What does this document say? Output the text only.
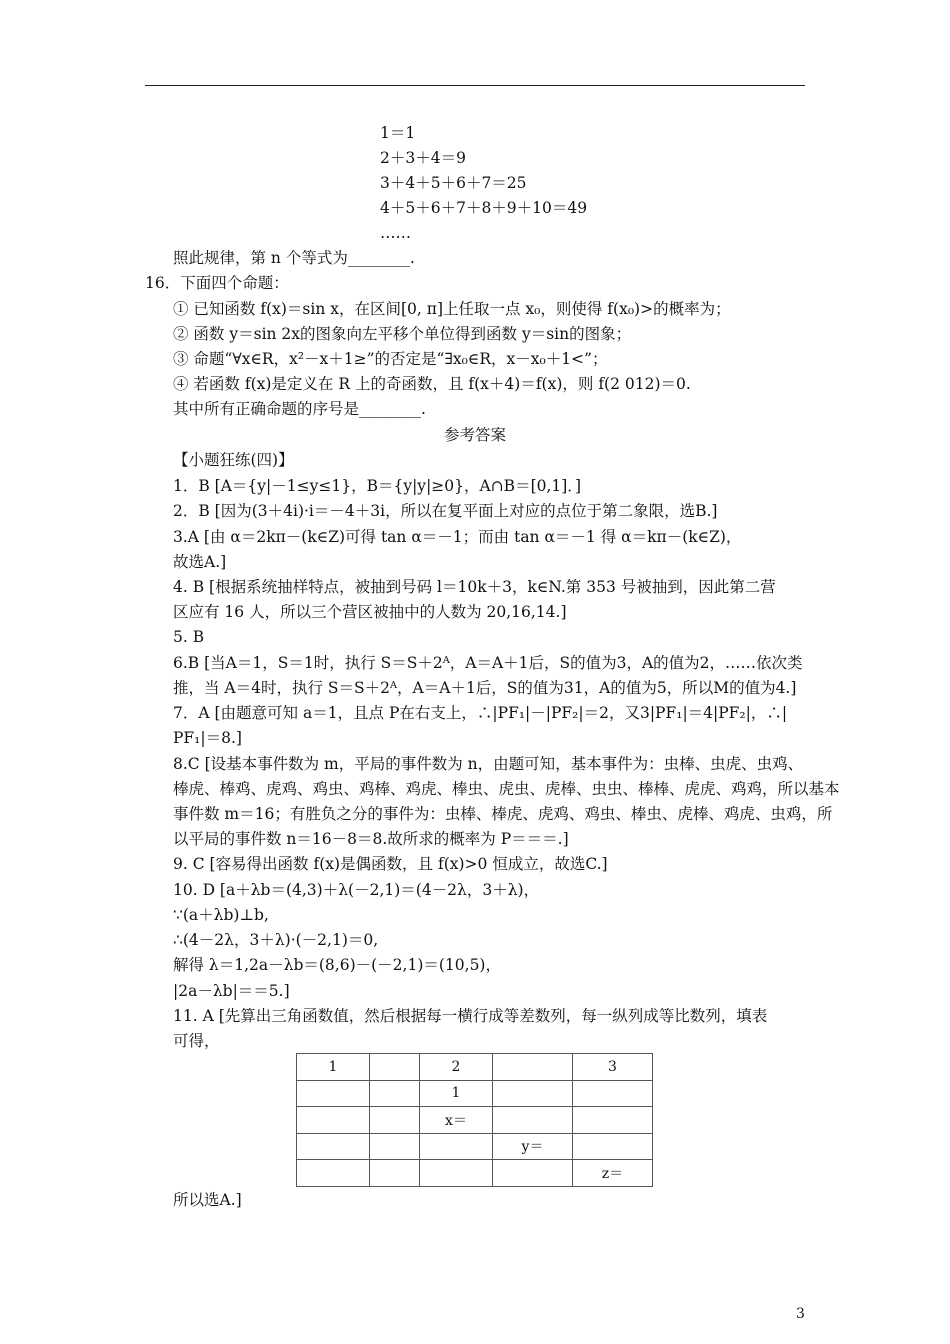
1＝1
2＋3＋4＝9
3＋4＋5＋6＋7＝25
4＋5＋6＋7＋8＋9＋10＝49
……
照此规律，第 n 个等式为________.
16．下面四个命题：
① 已知函数 f(x)＝sin x，在区间[0, π]上任取一点 x₀，则使得 f(x₀)>的概率为；
② 函数 y＝sin 2x的图象向左平移个单位得到函数 y＝sin的图象；
③ 命题“∀x∈R，x²－x＋1≥”的否定是“∃x₀∈R，x－x₀＋1<”；
④ 若函数 f(x)是定义在 R 上的奇函数，且 f(x＋4)＝f(x)，则 f(2 012)＝0.
其中所有正确命题的序号是________.
参考答案
【小题狂练(四)】
1．B [A＝{y|－1≤y≤1}，B＝{y|y|≥0}，A∩B＝[0,1]．]
2．B [因为(3＋4i)·i＝－4＋3i，所以在复平面上对应的点位于第二象限，选B.]
3.A [由 α＝2kπ－(k∈Z)可得 tan α＝－1；而由 tan α＝－1 得 α＝kπ－(k∈Z)，
故选A.]
4. B [根据系统抽样特点，被抽到号码 l＝10k＋3，k∈N.第 353 号被抽到，因此第二营
区应有 16 人，所以三个营区被抽中的人数为 20,16,14.]
5. B
6.B [当A＝1，S＝1时，执行 S＝S＋2ᴬ，A＝A＋1后，S的值为3，A的值为2，……依次类
推，当 A＝4时，执行 S＝S＋2ᴬ，A＝A＋1后，S的值为31，A的值为5，所以M的值为4.]
7．A [由题意可知 a＝1，且点 P在右支上，∴|PF₁|－|PF₂|＝2，又3|PF₁|＝4|PF₂|，∴|
PF₁|＝8.]
8.C [设基本事件数为 m，平局的事件数为 n，由题可知，基本事件为：虫棒、虫虎、虫鸡、
棒虎、棒鸡、虎鸡、鸡虫、鸡棒、鸡虎、棒虫、虎虫、虎棒、虫虫、棒棒、虎虎、鸡鸡，所以基本
事件数 m＝16；有胜负之分的事件为：虫棒、棒虎、虎鸡、鸡虫、棒虫、虎棒、鸡虎、虫鸡，所
以平局的事件数 n＝16－8＝8.故所求的概率为 P＝＝＝.]
9. C [容易得出函数 f(x)是偶函数，且 f(x)>0 恒成立，故选C.]
10. D [a＋λb＝(4,3)＋λ(－2,1)＝(4－2λ，3＋λ)，
∵(a＋λb)⊥b,
∴(4－2λ，3＋λ)·(－2,1)＝0,
解得 λ＝1,2a－λb＝(8,6)－(－2,1)＝(10,5)，
|2a－λb|＝＝5.]
11. A [先算出三角函数值，然后根据每一横行成等差数列，每一纵列成等比数列，填表
可得，
1		2		3
		1		
		x＝		
			y＝	
				z＝
所以选A.]
3
